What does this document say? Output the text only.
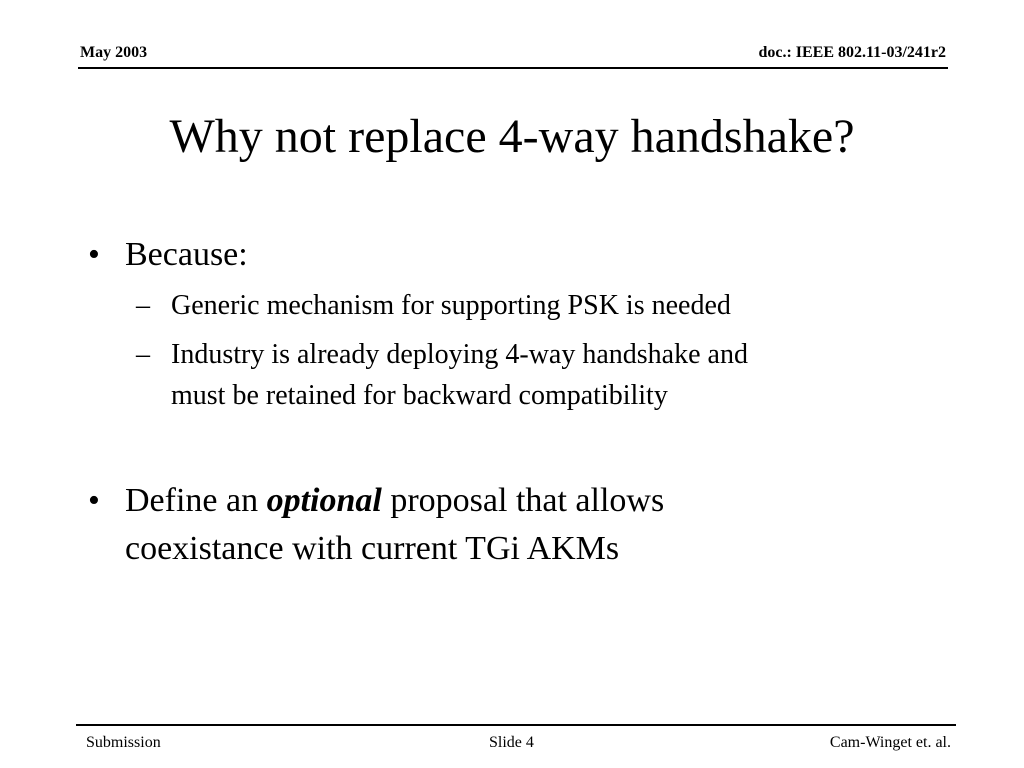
May 2003	doc.: IEEE 802.11-03/241r2
Why not replace 4-way handshake?
• Because:
– Generic mechanism for supporting PSK is needed
– Industry is already deploying 4-way handshake and
must be retained for backward compatibility
• Define an optional proposal that allows
coexistance with current TGi AKMs
Submission	Slide 4	Cam-Winget et. al.
